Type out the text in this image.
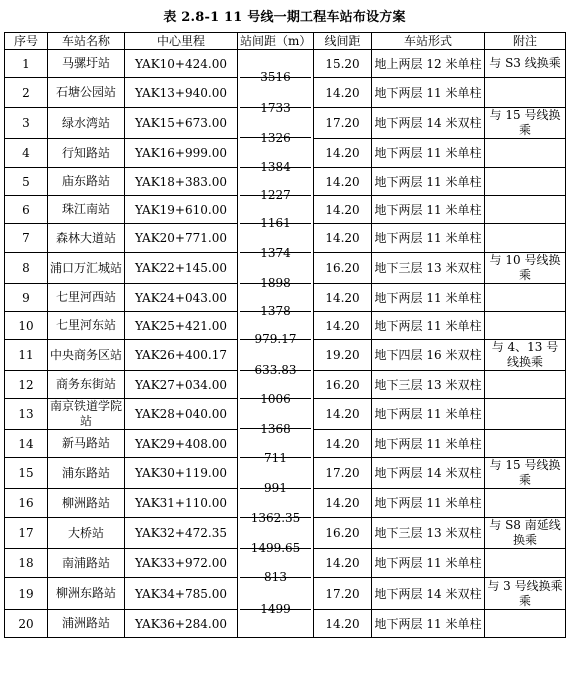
表 2.8-1 11 号线一期工程车站布设方案
序号	车站名称	中心里程	站间距（m）	线间距	车站形式	附注
1	马骡圩站	YAK10+424.00		15.20	地上两层 12 米单柱	与 S3 线换乘
2	石塘公园站	YAK13+940.00	3516	14.20	地下两层 11 米单柱	
3	绿水湾站	YAK15+673.00	1733	17.20	地下两层 14 米双柱	与 15 号线换乘
4	行知路站	YAK16+999.00	1326	14.20	地下两层 11 米单柱	
5	庙东路站	YAK18+383.00	1384	14.20	地下两层 11 米单柱	
6	珠江南站	YAK19+610.00	1227	14.20	地下两层 11 米单柱	
7	森林大道站	YAK20+771.00	1161	14.20	地下两层 11 米单柱	
8	浦口万汇城站	YAK22+145.00	1374	16.20	地下三层 13 米双柱	与 10 号线换乘
9	七里河西站	YAK24+043.00	1898	14.20	地下两层 11 米单柱	
10	七里河东站	YAK25+421.00	1378	14.20	地下两层 11 米单柱	
11	中央商务区站	YAK26+400.17	979.17	19.20	地下四层 16 米双柱	与 4、13 号线换乘
12	商务东街站	YAK27+034.00	633.83	16.20	地下三层 13 米双柱	
13	南京铁道学院站	YAK28+040.00	1006	14.20	地下两层 11 米单柱	
14	新马路站	YAK29+408.00	1368	14.20	地下两层 11 米单柱	
15	浦东路站	YAK30+119.00	711	17.20	地下两层 14 米双柱	与 15 号线换乘
16	柳洲路站	YAK31+110.00	991	14.20	地下两层 11 米单柱	
17	大桥站	YAK32+472.35	1362.35	16.20	地下三层 13 米双柱	与 S8 南延线换乘
18	南浦路站	YAK33+972.00	1499.65	14.20	地下两层 11 米单柱	
19	柳洲东路站	YAK34+785.00	813	17.20	地下两层 14 米双柱	与 3 号线换乘乘
20	浦洲路站	YAK36+284.00	1499	14.20	地下两层 11 米单柱	
